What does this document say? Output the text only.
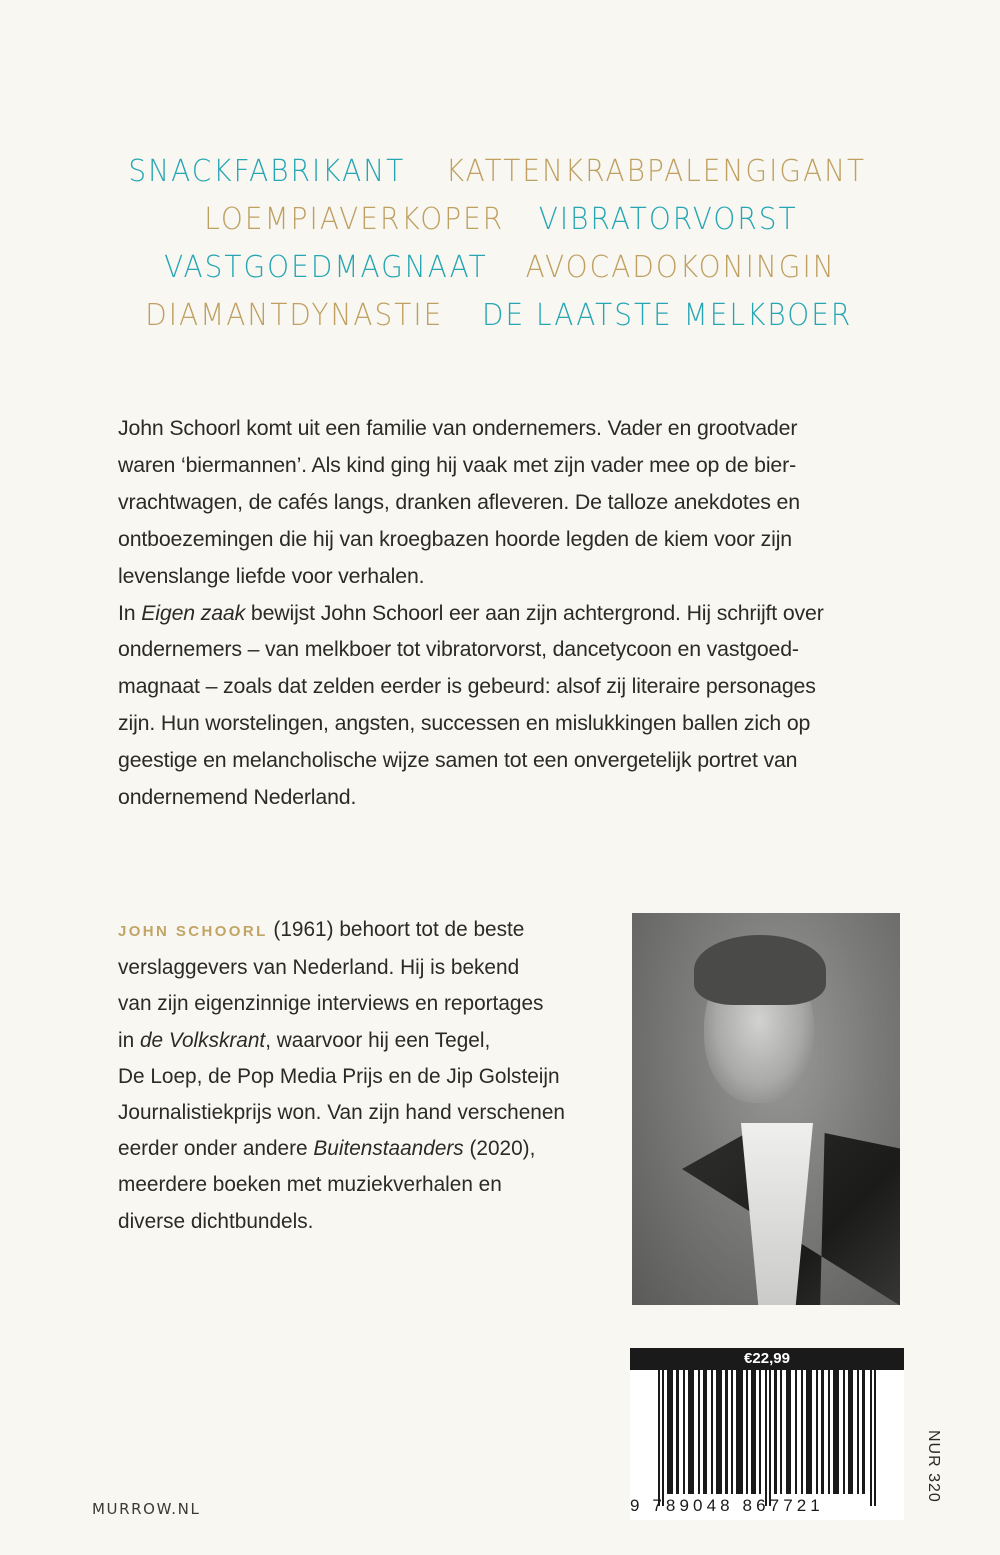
SNACKFABRIKANT KATTENKRABPALENGIGANT
LOEMPIAVERKOPER VIBRATORVORST
VASTGOEDMAGNAAT AVOCADOKONINGIN
DIAMANTDYNASTIE DE LAATSTE MELKBOER

John Schoorl komt uit een familie van ondernemers. Vader en grootvader
waren ‘biermannen’. Als kind ging hij vaak met zijn vader mee op de bier-
vrachtwagen, de cafés langs, dranken afleveren. De talloze anekdotes en
ontboezemingen die hij van kroegbazen hoorde legden de kiem voor zijn
levenslange liefde voor verhalen.

In Eigen zaak bewijst John Schoorl eer aan zijn achtergrond. Hij schrijft over
ondernemers – van melkboer tot vibratorvorst, dancetycoon en vastgoed-
magnaat – zoals dat zelden eerder is gebeurd: alsof zij literaire personages
zijn. Hun worstelingen, angsten, successen en mislukkingen ballen zich op
geestige en melancholische wijze samen tot een onvergetelijk portret van
ondernemend Nederland.

JOHN SCHOORL (1961) behoort tot de beste
verslaggevers van Nederland. Hij is bekend
van zijn eigenzinnige interviews en reportages
in de Volkskrant, waarvoor hij een Tegel,
De Loep, de Pop Media Prijs en de Jip Golsteijn
Journalistiekprijs won. Van zijn hand verschenen
eerder onder andere Buitenstaanders (2020),
meerdere boeken met muziekverhalen en
diverse dichtbundels.
€22,99
9 789048 867721
NUR 320
MURROW.NL
